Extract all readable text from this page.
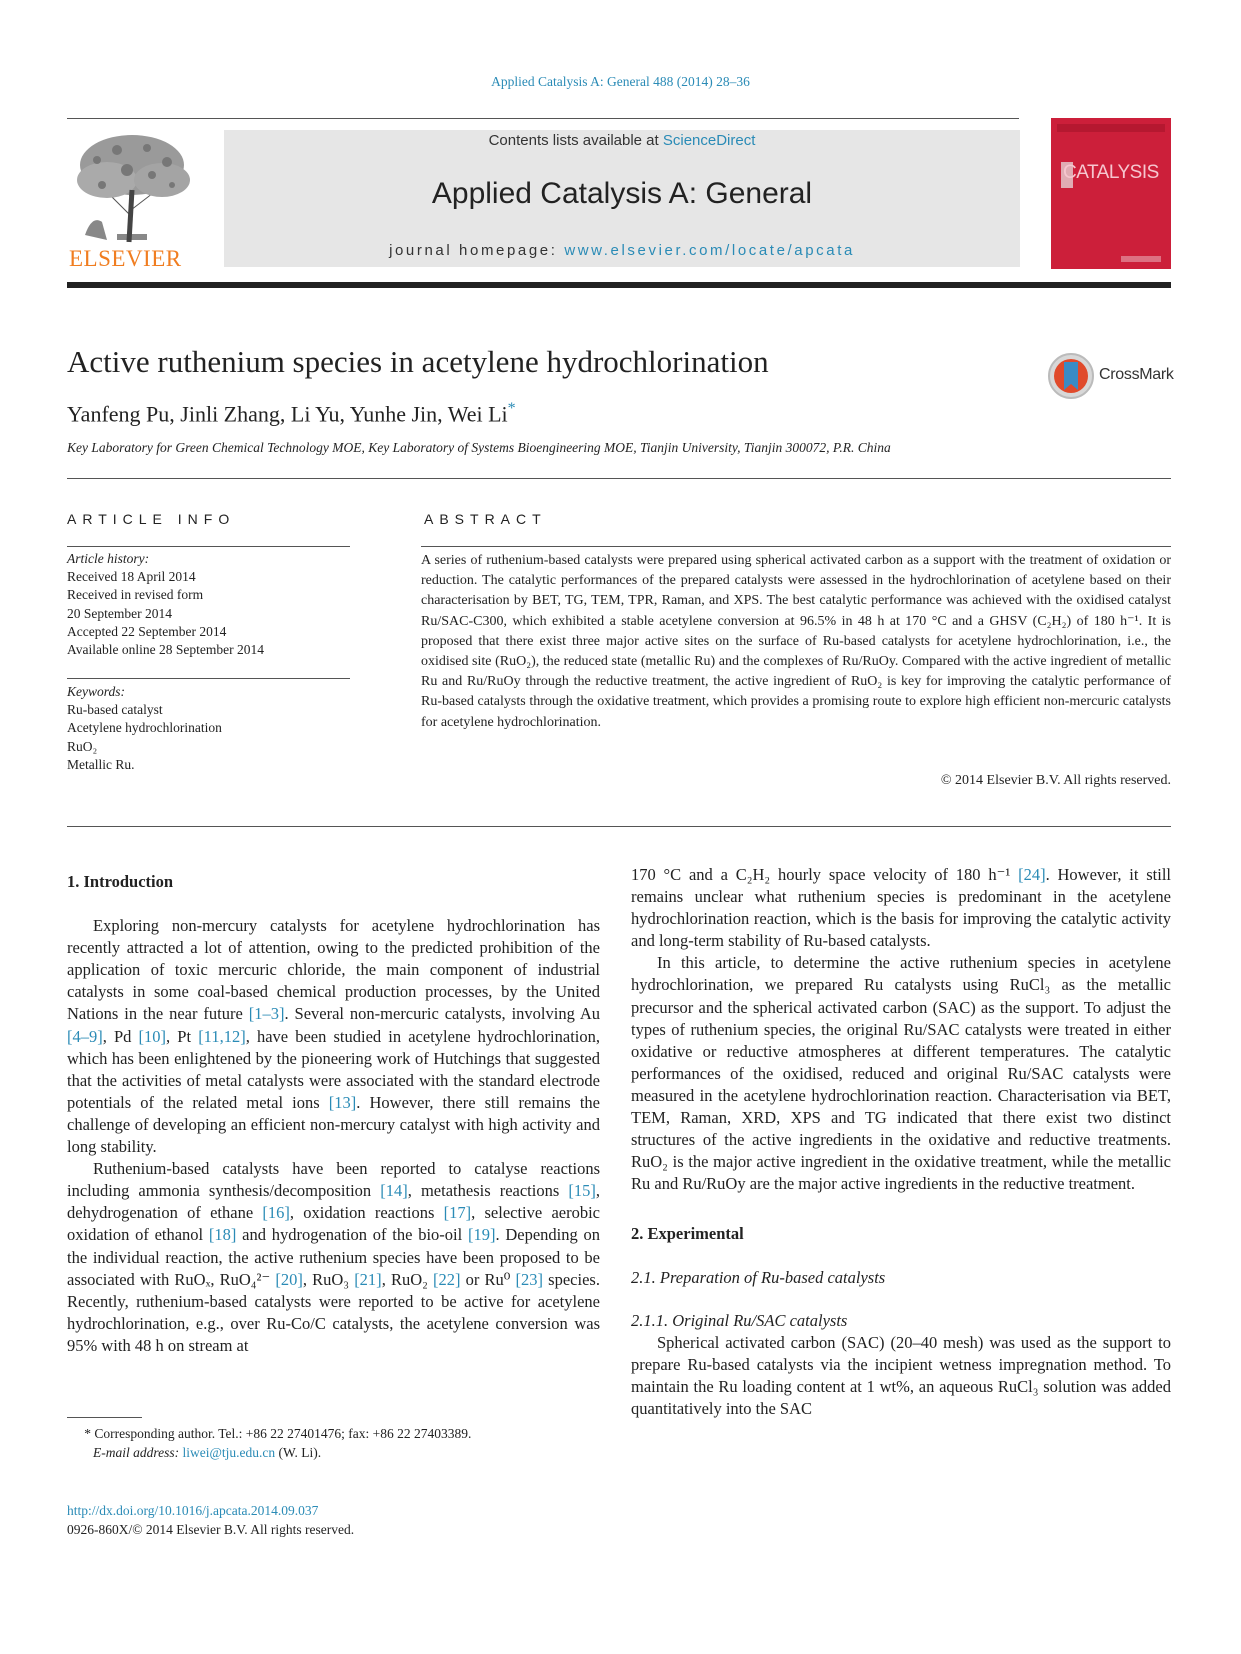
Applied Catalysis A: General 488 (2014) 28–36
ELSEVIER
Contents lists available at ScienceDirect
Applied Catalysis A: General
journal homepage: www.elsevier.com/locate/apcata
CATALYSIS
Active ruthenium species in acetylene hydrochlorination	CrossMark
Yanfeng Pu, Jinli Zhang, Li Yu, Yunhe Jin, Wei Li*
Key Laboratory for Green Chemical Technology MOE, Key Laboratory of Systems Bioengineering MOE, Tianjin University, Tianjin 300072, P.R. China
ARTICLE INFO
Article history:
Received 18 April 2014
Received in revised form
20 September 2014
Accepted 22 September 2014
Available online 28 September 2014
Keywords:
Ru-based catalyst
Acetylene hydrochlorination
RuO₂
Metallic Ru.
ABSTRACT
A series of ruthenium-based catalysts were prepared using spherical activated carbon as a support with the treatment of oxidation or reduction. The catalytic performances of the prepared catalysts were assessed in the hydrochlorination of acetylene based on their characterisation by BET, TG, TEM, TPR, Raman, and XPS. The best catalytic performance was achieved with the oxidised catalyst Ru/SAC-C300, which exhibited a stable acetylene conversion at 96.5% in 48 h at 170 °C and a GHSV (C₂H₂) of 180 h⁻¹. It is proposed that there exist three major active sites on the surface of Ru-based catalysts for acetylene hydrochlorination, i.e., the oxidised site (RuO₂), the reduced state (metallic Ru) and the complexes of Ru/RuOy. Compared with the active ingredient of metallic Ru and Ru/RuOy through the reductive treatment, the active ingredient of RuO₂ is key for improving the catalytic performance of Ru-based catalysts through the oxidative treatment, which provides a promising route to explore high efficient non-mercuric catalysts for acetylene hydrochlorination.
© 2014 Elsevier B.V. All rights reserved.
1. Introduction

Exploring non-mercury catalysts for acetylene hydrochlorination has recently attracted a lot of attention, owing to the predicted prohibition of the application of toxic mercuric chloride, the main component of industrial catalysts in some coal-based chemical production processes, by the United Nations in the near future [1–3]. Several non-mercuric catalysts, involving Au [4–9], Pd [10], Pt [11,12], have been studied in acetylene hydrochlorination, which has been enlightened by the pioneering work of Hutchings that suggested that the activities of metal catalysts were associated with the standard electrode potentials of the related metal ions [13]. However, there still remains the challenge of developing an efficient non-mercury catalyst with high activity and long stability.

Ruthenium-based catalysts have been reported to catalyse reactions including ammonia synthesis/decomposition [14], metathesis reactions [15], dehydrogenation of ethane [16], oxidation reactions [17], selective aerobic oxidation of ethanol [18] and hydrogenation of the bio-oil [19]. Depending on the individual reaction, the active ruthenium species have been proposed to be associated with RuOₓ, RuO₄²⁻ [20], RuO₃ [21], RuO₂ [22] or Ru⁰ [23] species. Recently, ruthenium-based catalysts were reported to be active for acetylene hydrochlorination, e.g., over Ru-Co/C catalysts, the acetylene conversion was 95% with 48 h on stream at

* Corresponding author. Tel.: +86 22 27401476; fax: +86 22 27403389.
E-mail address: liwei@tju.edu.cn (W. Li).
http://dx.doi.org/10.1016/j.apcata.2014.09.037
0926-860X/© 2014 Elsevier B.V. All rights reserved.

170 °C and a C₂H₂ hourly space velocity of 180 h⁻¹ [24]. However, it still remains unclear what ruthenium species is predominant in the acetylene hydrochlorination reaction, which is the basis for improving the catalytic activity and long-term stability of Ru-based catalysts.

In this article, to determine the active ruthenium species in acetylene hydrochlorination, we prepared Ru catalysts using RuCl₃ as the metallic precursor and the spherical activated carbon (SAC) as the support. To adjust the types of ruthenium species, the original Ru/SAC catalysts were treated in either oxidative or reductive atmospheres at different temperatures. The catalytic performances of the oxidised, reduced and original Ru/SAC catalysts were measured in the acetylene hydrochlorination reaction. Characterisation via BET, TEM, Raman, XRD, XPS and TG indicated that there exist two distinct structures of the active ingredients in the oxidative and reductive treatments. RuO₂ is the major active ingredient in the oxidative treatment, while the metallic Ru and Ru/RuOy are the major active ingredients in the reductive treatment.

2. Experimental
2.1. Preparation of Ru-based catalysts
2.1.1. Original Ru/SAC catalysts

Spherical activated carbon (SAC) (20–40 mesh) was used as the support to prepare Ru-based catalysts via the incipient wetness impregnation method. To maintain the Ru loading content at 1 wt%, an aqueous RuCl₃ solution was added quantitatively into the SAC
